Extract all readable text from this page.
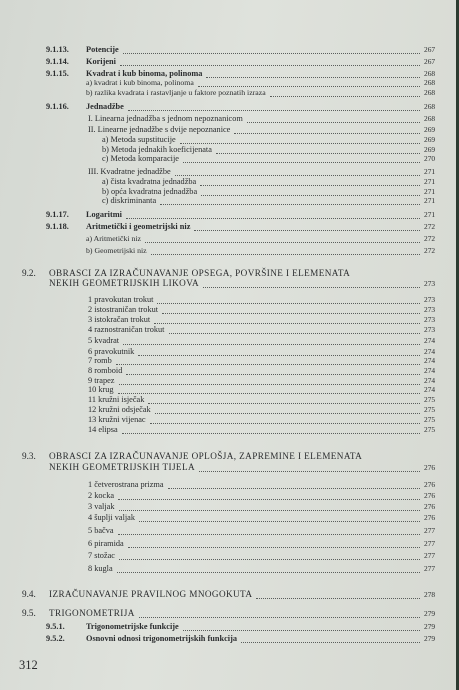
9.1.13. Potencije	267
9.1.14. Korijeni	267
9.1.15. Kvadrat i kub binoma, polinoma	268
a) kvadrat i kub binoma, polinoma	268
b) razlika kvadrata i rastavljanje u faktore poznatih izraza	268
9.1.16. Jednadžbe	268
I. Linearna jednadžba s jednom nepoznanicom	268
II. Linearne jednadžbe s dvije nepoznanice	269
a) Metoda supstitucije	269
b) Metoda jednakih koeficijenata	269
c) Metoda komparacije	270
III. Kvadratne jednadžbe	271
a) čista kvadratna jednadžba	271
b) opća kvadratna jednadžba	271
c) diskriminanta	271
9.1.17. Logaritmi	271
9.1.18. Aritmetički i geometrijski niz	272
a) Aritmetički niz	272
b) Geometrijski niz	272
9.2. OBRASCI ZA IZRAČUNAVANJE OPSEGA, POVRŠINE I ELEMENATA
NEKIH GEOMETRIJSKIH LIKOVA	273
1 pravokutan trokut	273
2 istostraničan trokut	273
3 istokračan trokut	273
4 raznostraničan trokut	273
5 kvadrat	274
6 pravokutnik	274
7 romb	274
8 romboid	274
9 trapez	274
10 krug	274
11 kružni isječak	275
12 kružni odsječak	275
13 kružni vijenac	275
14 elipsa	275
9.3. OBRASCI ZA IZRAČUNAVANJE OPLOŠJA, ZAPREMINE I ELEMENATA
NEKIH GEOMETRIJSKIH TIJELA	276
1 četverostrana prizma	276
2 kocka	276
3 valjak	276
4 šuplji valjak	276
5 bačva	277
6 piramida	277
7 stožac	277
8 kugla	277
9.4. IZRAČUNAVANJE PRAVILNOG MNOGOKUTA	278
9.5. TRIGONOMETRIJA	279
9.5.1.	Trigonometrijske funkcije	279
9.5.2.	Osnovni odnosi trigonometrijskih funkcija	279
312
